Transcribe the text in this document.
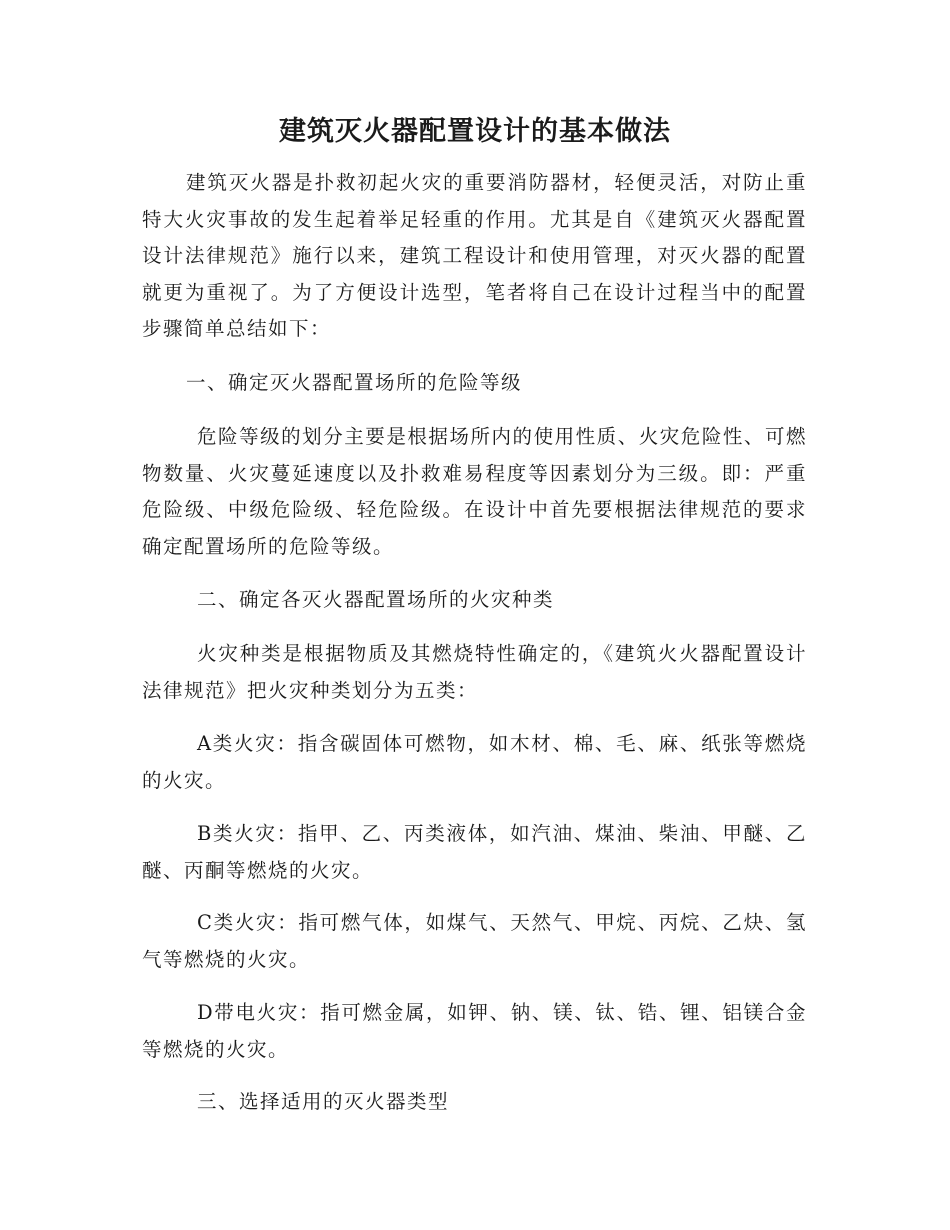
建筑灭火器配置设计的基本做法

建筑灭火器是扑救初起火灾的重要消防器材，轻便灵活，对防止重特大火灾事故的发生起着举足轻重的作用。尤其是自《建筑灭火器配置设计法律规范》施行以来，建筑工程设计和使用管理，对灭火器的配置就更为重视了。为了方便设计选型，笔者将自己在设计过程当中的配置步骤简单总结如下：

一、确定灭火器配置场所的危险等级

危险等级的划分主要是根据场所内的使用性质、火灾危险性、可燃物数量、火灾蔓延速度以及扑救难易程度等因素划分为三级。即：严重危险级、中级危险级、轻危险级。在设计中首先要根据法律规范的要求确定配置场所的危险等级。

二、确定各灭火器配置场所的火灾种类

火灾种类是根据物质及其燃烧特性确定的，《建筑火火器配置设计法律规范》把火灾种类划分为五类：

A类火灾：指含碳固体可燃物，如木材、棉、毛、麻、纸张等燃烧的火灾。

B类火灾：指甲、乙、丙类液体，如汽油、煤油、柴油、甲醚、乙醚、丙酮等燃烧的火灾。

C类火灾：指可燃气体，如煤气、天然气、甲烷、丙烷、乙炔、氢气等燃烧的火灾。

D带电火灾：指可燃金属，如钾、钠、镁、钛、锆、锂、铝镁合金等燃烧的火灾。

三、选择适用的灭火器类型
